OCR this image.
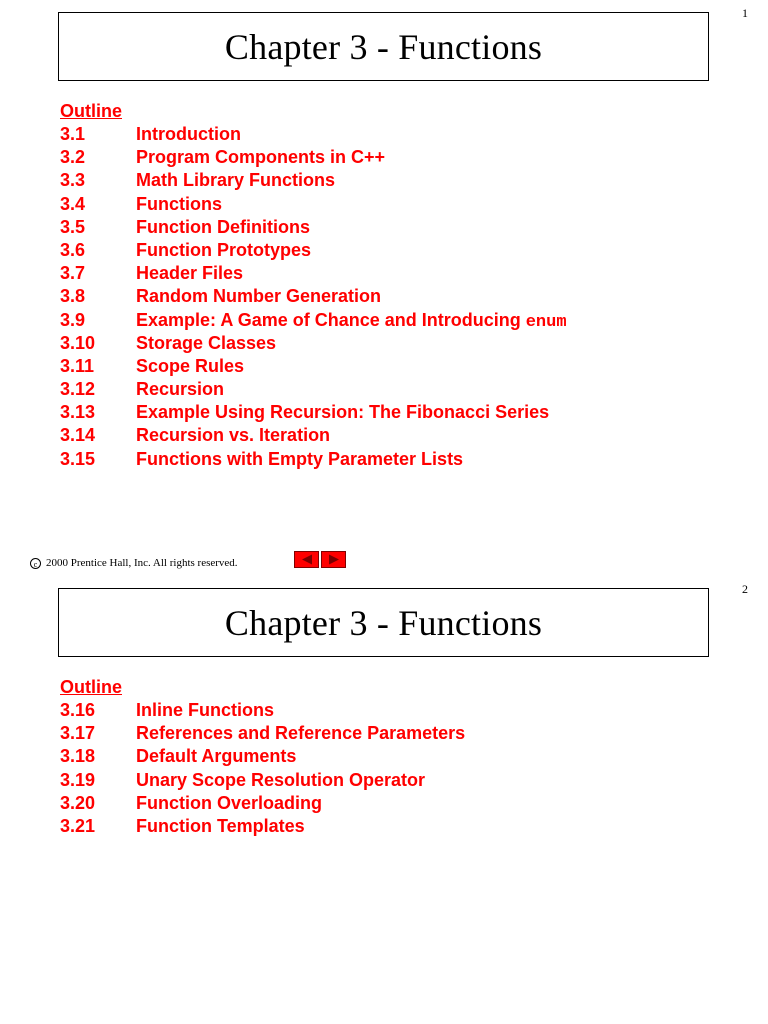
1
Chapter 3 - Functions
Outline
3.1	Introduction
3.2	Program Components in C++
3.3	Math Library Functions
3.4	Functions
3.5	Function Definitions
3.6	Function Prototypes
3.7	Header Files
3.8	Random Number Generation
3.9	Example: A Game of Chance and Introducing enum
3.10	Storage Classes
3.11	Scope Rules
3.12	Recursion
3.13	Example Using Recursion: The Fibonacci Series
3.14	Recursion vs. Iteration
3.15	Functions with Empty Parameter Lists
c 2000 Prentice Hall, Inc. All rights reserved.
2
Chapter 3 - Functions
Outline
3.16	Inline Functions
3.17	References and Reference Parameters
3.18	Default Arguments
3.19	Unary Scope Resolution Operator
3.20	Function Overloading
3.21	Function Templates
